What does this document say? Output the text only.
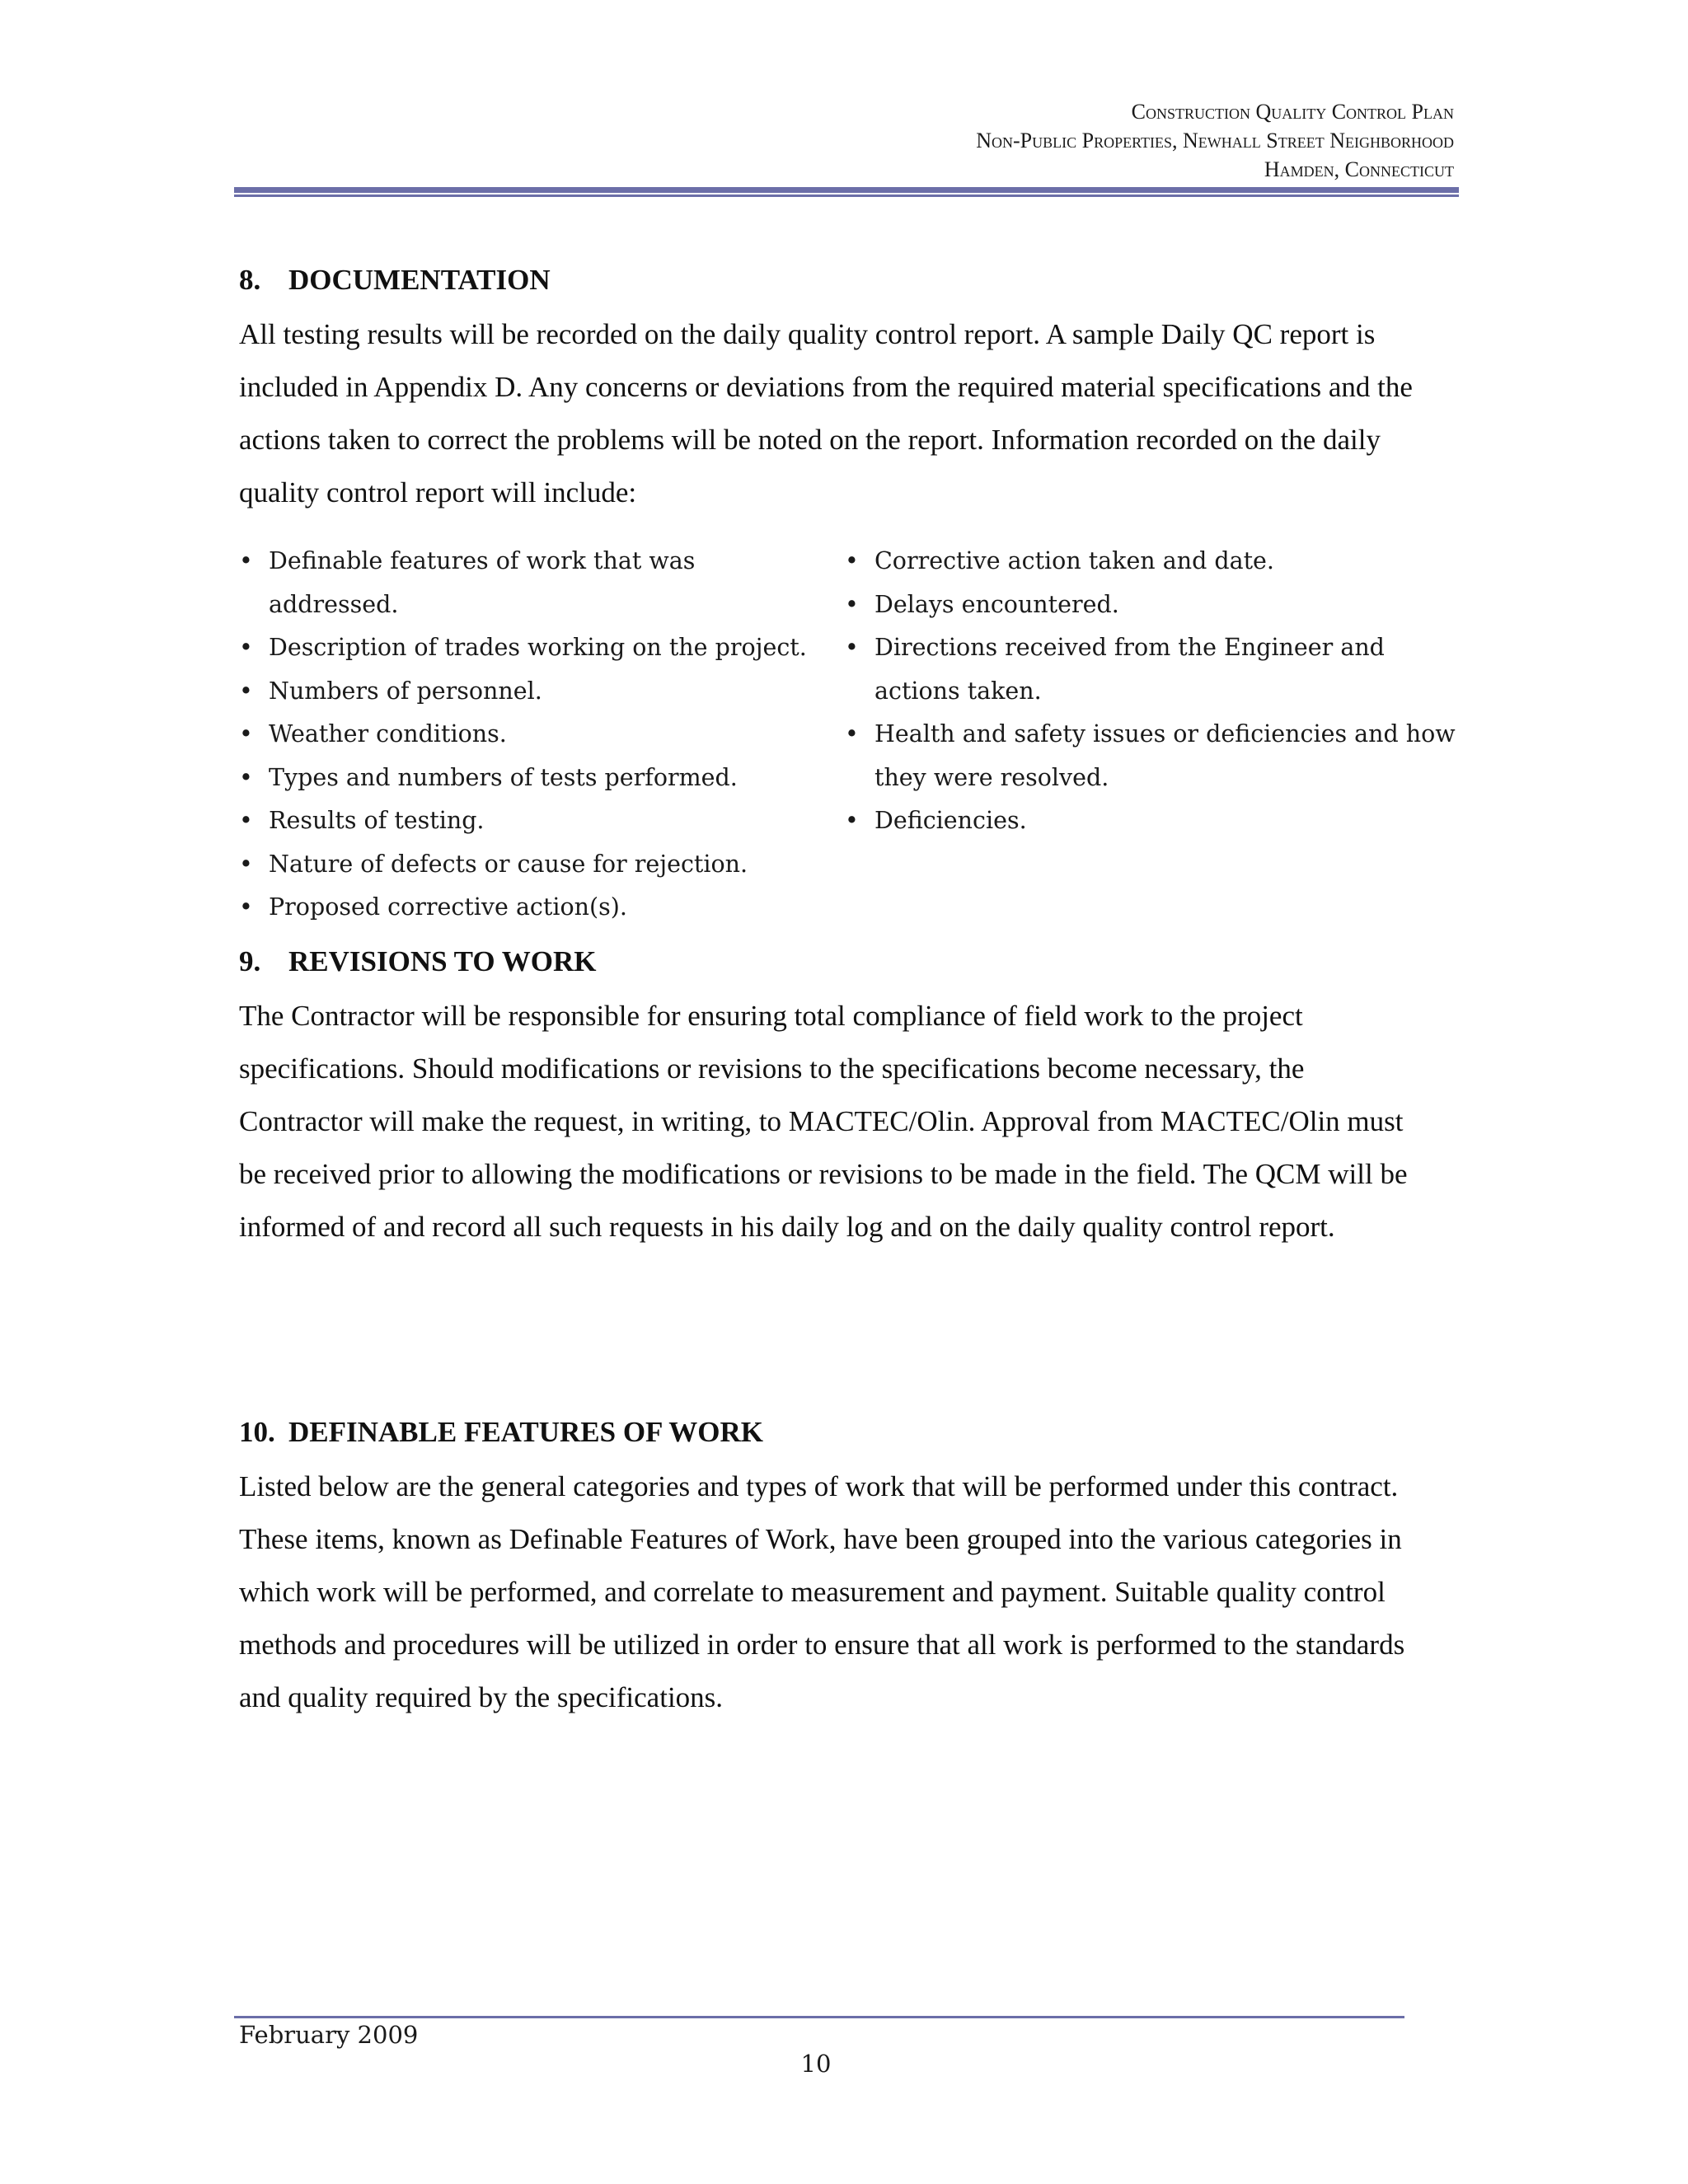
Construction Quality Control Plan
Non-Public Properties, Newhall Street Neighborhood
Hamden, Connecticut
8. DOCUMENTATION

All testing results will be recorded on the daily quality control report. A sample Daily QC report is included in Appendix D. Any concerns or deviations from the required material specifications and the actions taken to correct the problems will be noted on the report. Information recorded on the daily quality control report will include:

• Definable features of work that was addressed.
• Description of trades working on the project.
• Numbers of personnel.
• Weather conditions.
• Types and numbers of tests performed.
• Results of testing.
• Nature of defects or cause for rejection.
• Proposed corrective action(s).
• Corrective action taken and date.
• Delays encountered.
• Directions received from the Engineer and actions taken.
• Health and safety issues or deficiencies and how they were resolved.
• Deficiencies.
9. REVISIONS TO WORK

The Contractor will be responsible for ensuring total compliance of field work to the project specifications. Should modifications or revisions to the specifications become necessary, the Contractor will make the request, in writing, to MACTEC/Olin. Approval from MACTEC/Olin must be received prior to allowing the modifications or revisions to be made in the field. The QCM will be informed of and record all such requests in his daily log and on the daily quality control report.

10. DEFINABLE FEATURES OF WORK

Listed below are the general categories and types of work that will be performed under this contract. These items, known as Definable Features of Work, have been grouped into the various categories in which work will be performed, and correlate to measurement and payment. Suitable quality control methods and procedures will be utilized in order to ensure that all work is performed to the standards and quality required by the specifications.

February 2009
10
